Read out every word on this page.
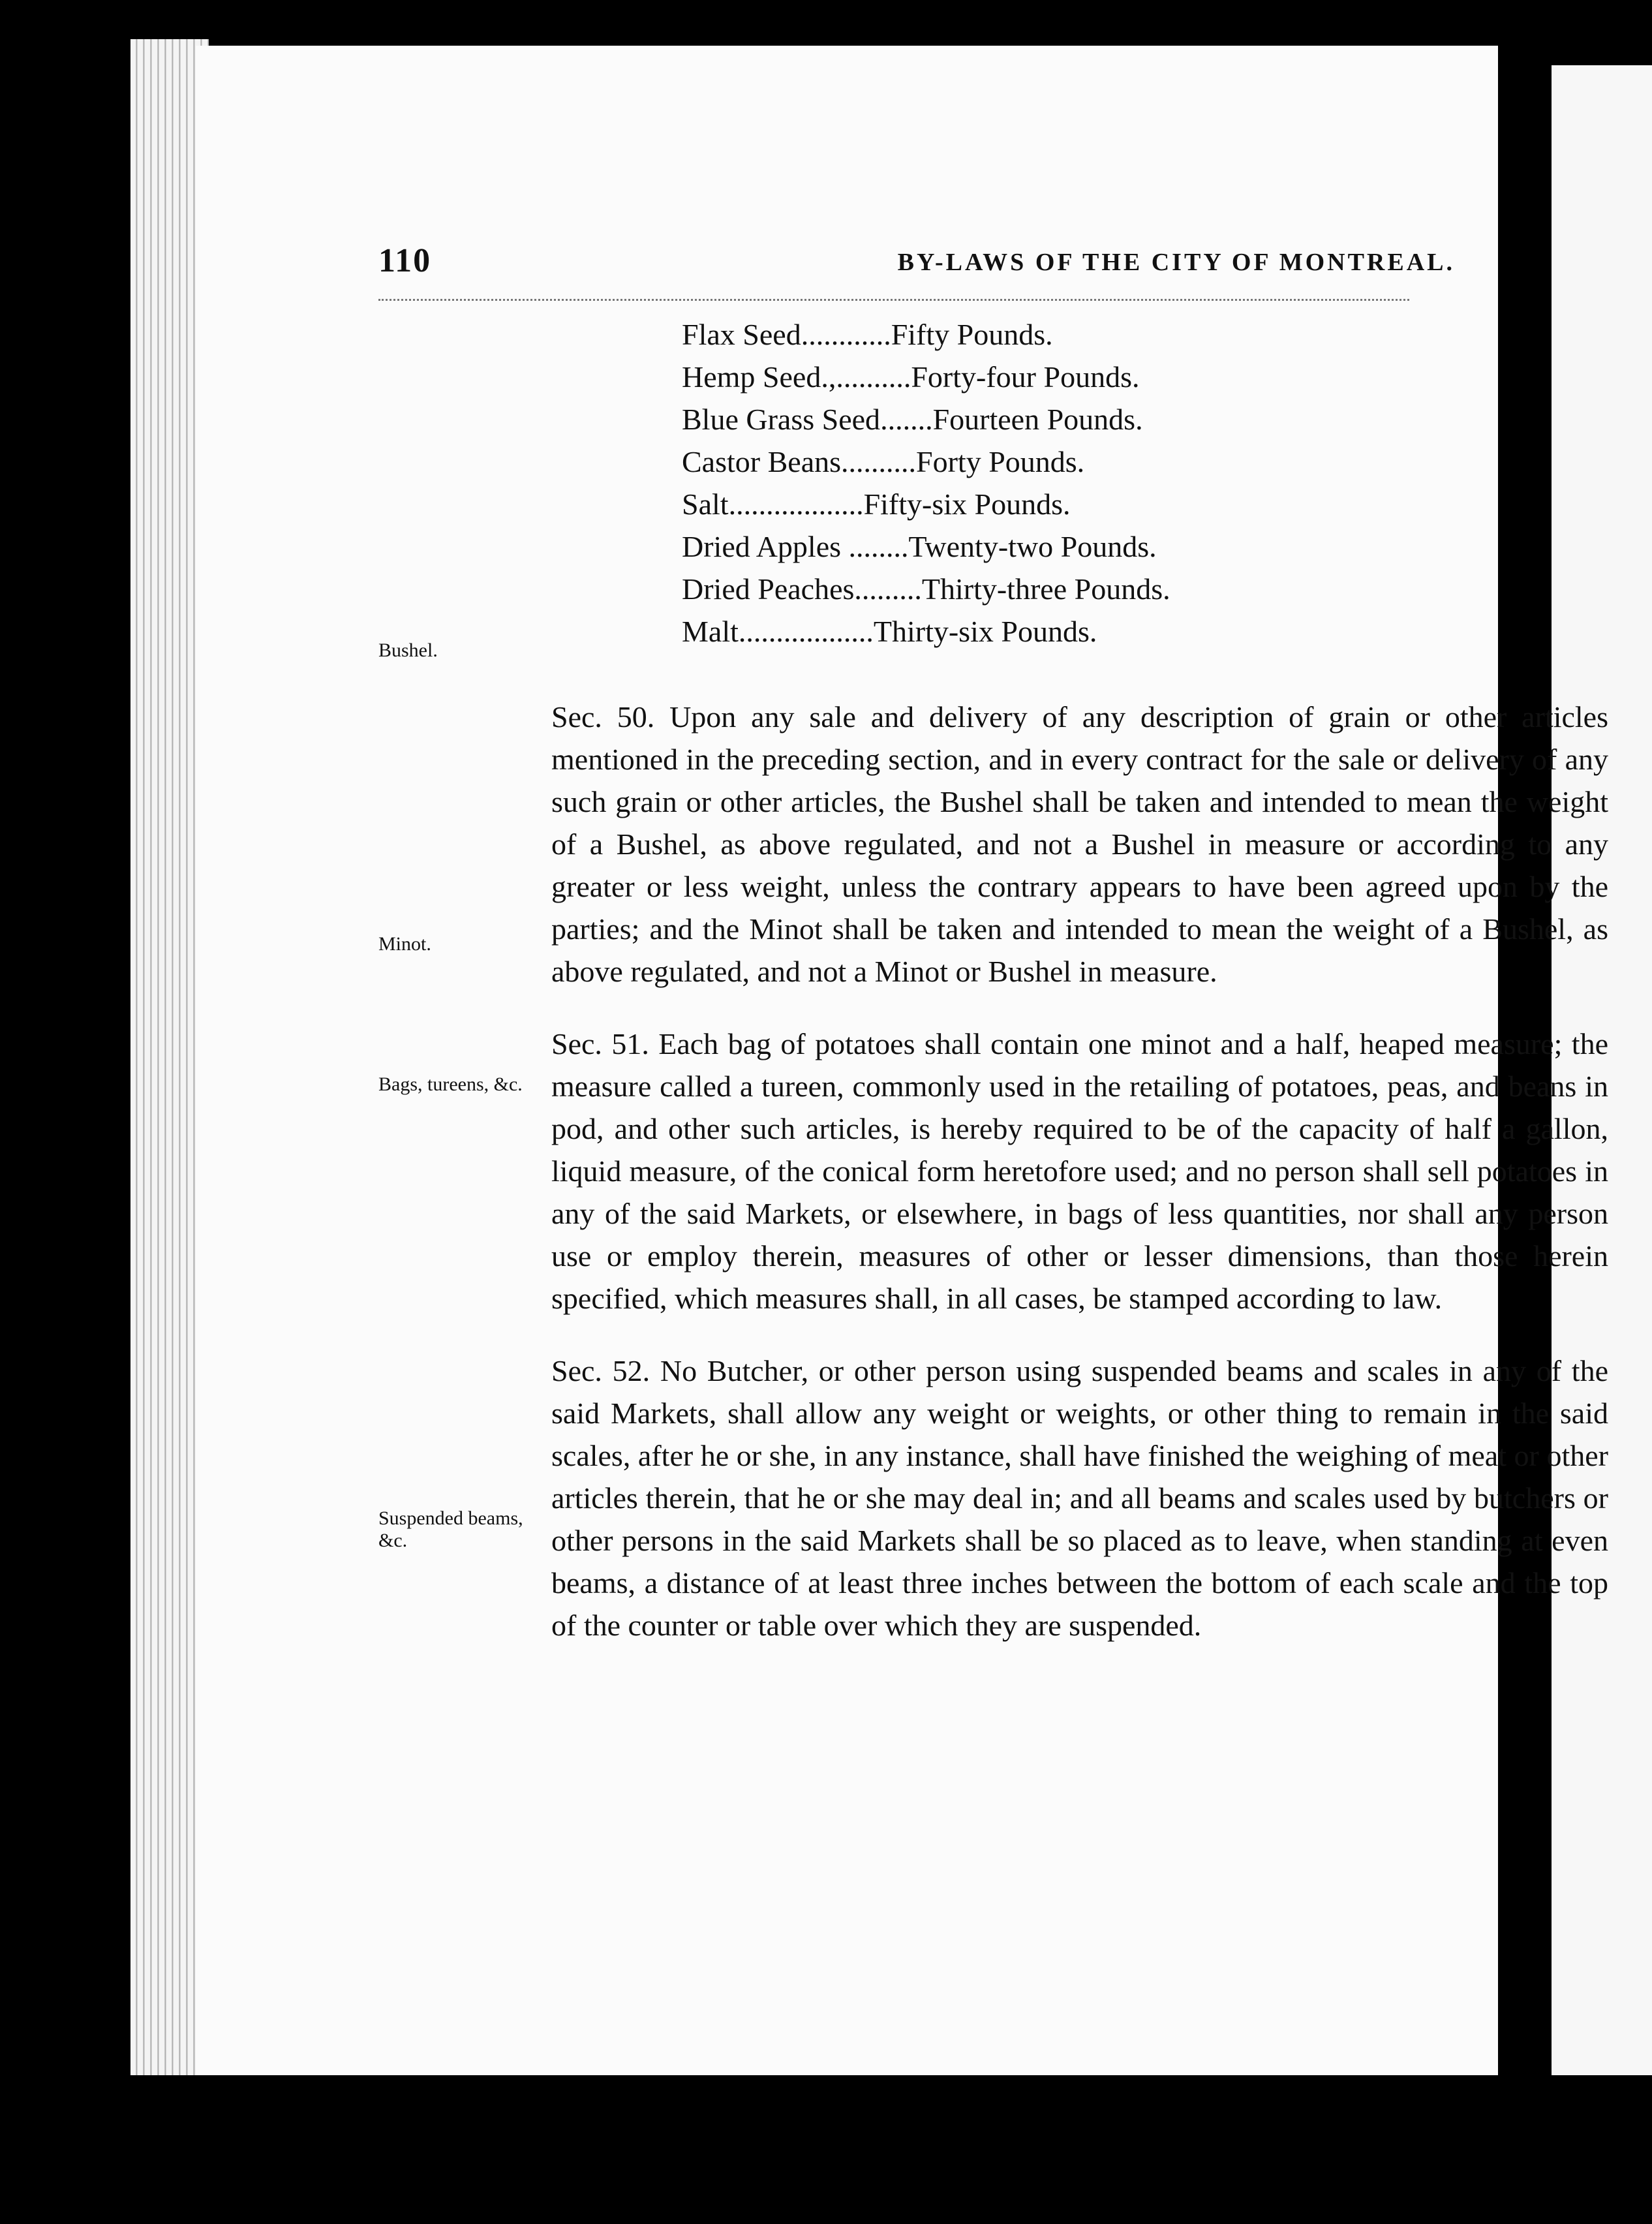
110	BY-LAWS OF THE CITY OF MONTREAL.
Flax Seed............Fifty Pounds.
Hemp Seed.,..........Forty-four Pounds.
Blue Grass Seed.......Fourteen Pounds.
Castor Beans..........Forty Pounds.
Salt..................Fifty-six Pounds.
Dried Apples ........Twenty-two Pounds.
Dried Peaches.........Thirty-three Pounds.
Malt..................Thirty-six Pounds.
Bushel.
Minot.
Bags, tureens, &c.
Suspended beams, &c.

Sec. 50. Upon any sale and delivery of any description of grain or other articles mentioned in the preceding section, and in every contract for the sale or delivery of any such grain or other articles, the Bushel shall be taken and intended to mean the weight of a Bushel, as above regulated, and not a Bushel in measure or according to any greater or less weight, unless the contrary appears to have been agreed upon by the parties; and the Minot shall be taken and intended to mean the weight of a Bushel, as above regulated, and not a Minot or Bushel in measure.

Sec. 51. Each bag of potatoes shall contain one minot and a half, heaped measure; the measure called a tureen, commonly used in the retailing of potatoes, peas, and beans in pod, and other such articles, is hereby required to be of the capacity of half a gallon, liquid measure, of the conical form heretofore used; and no person shall sell potatoes in any of the said Markets, or elsewhere, in bags of less quantities, nor shall any person use or employ therein, measures of other or lesser dimensions, than those herein specified, which measures shall, in all cases, be stamped according to law.

Sec. 52. No Butcher, or other person using suspended beams and scales in any of the said Markets, shall allow any weight or weights, or other thing to remain in the said scales, after he or she, in any instance, shall have finished the weighing of meat or other articles therein, that he or she may deal in; and all beams and scales used by butchers or other persons in the said Markets shall be so placed as to leave, when standing at even beams, a distance of at least three inches between the bottom of each scale and the top of the counter or table over which they are suspended.
